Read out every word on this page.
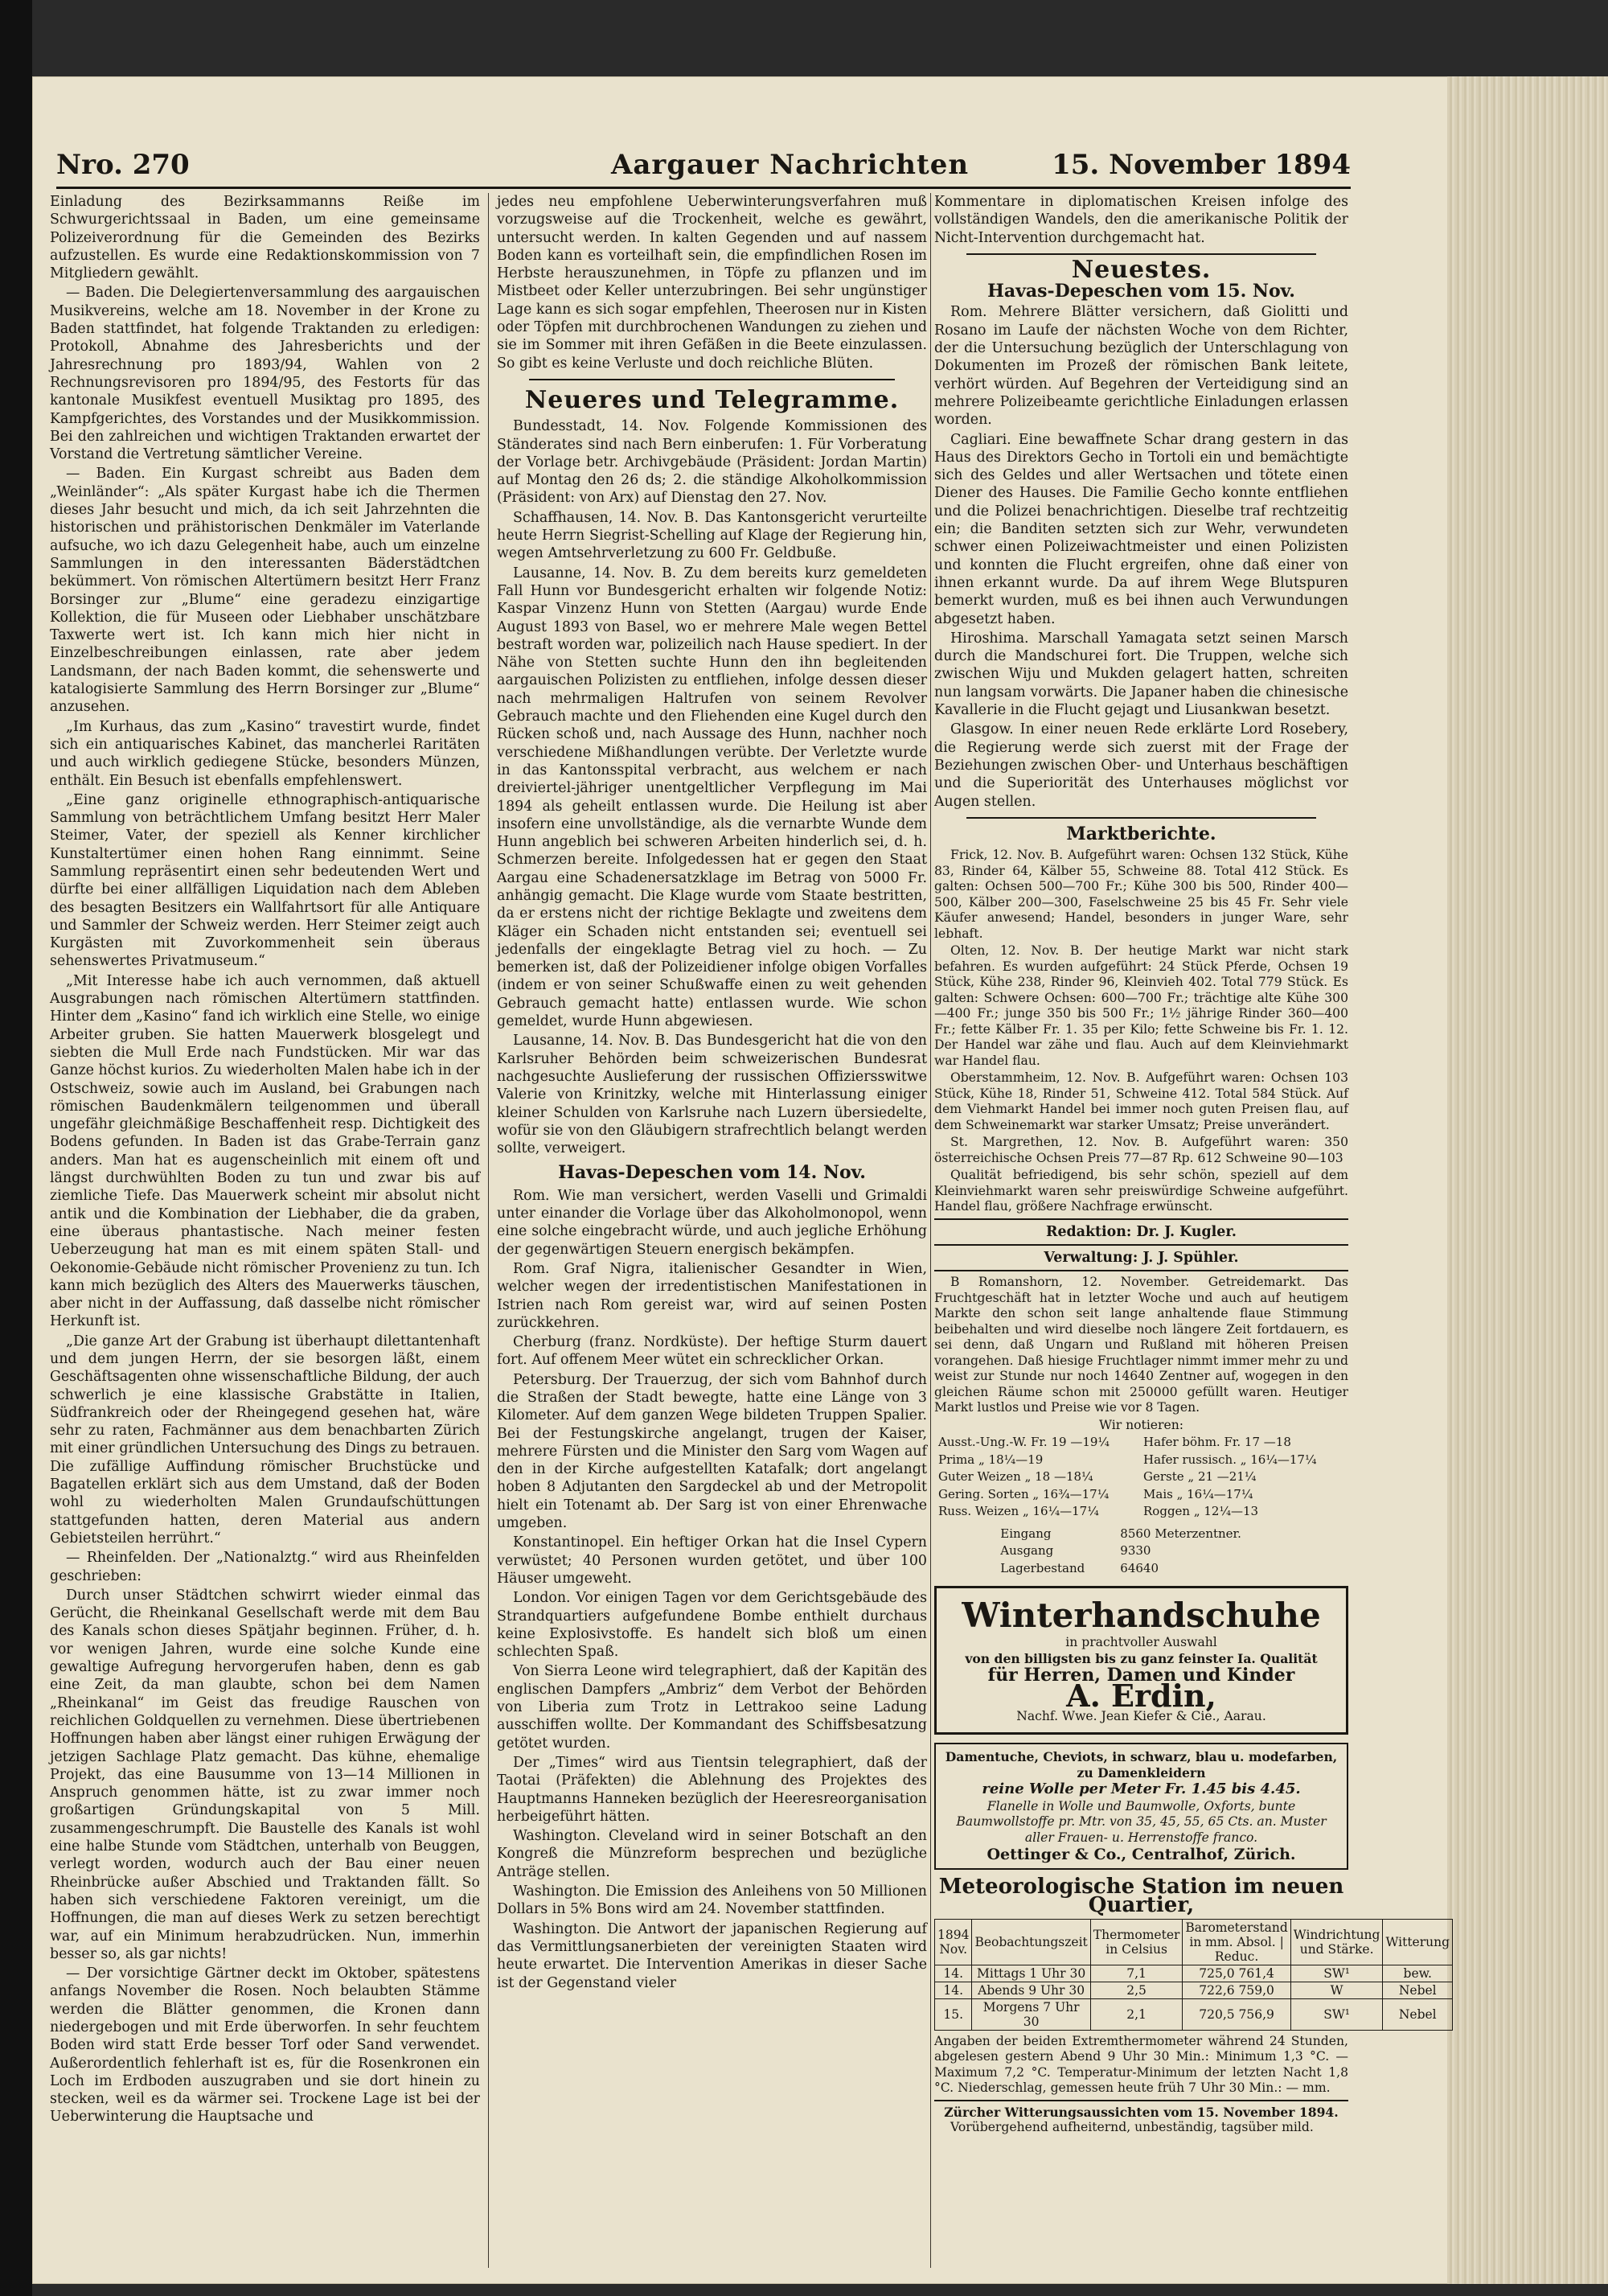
Nro. 270	Aargauer Nachrichten	15. November 1894

Einladung des Bezirksammanns Reiße im Schwurgerichtssaal in Baden, um eine gemeinsame Polizeiverordnung für die Gemeinden des Bezirks aufzustellen. Es wurde eine Redaktionskommission von 7 Mitgliedern gewählt.

— Baden. Die Delegiertenversammlung des aargauischen Musikvereins, welche am 18. November in der Krone zu Baden stattfindet, hat folgende Traktanden zu erledigen: Protokoll, Abnahme des Jahresberichts und der Jahresrechnung pro 1893/94, Wahlen von 2 Rechnungsrevisoren pro 1894/95, des Festorts für das kantonale Musikfest eventuell Musiktag pro 1895, des Kampfgerichtes, des Vorstandes und der Musikkommission. Bei den zahlreichen und wichtigen Traktanden erwartet der Vorstand die Vertretung sämtlicher Vereine.

— Baden. Ein Kurgast schreibt aus Baden dem „Weinländer“: „Als später Kurgast habe ich die Thermen dieses Jahr besucht und mich, da ich seit Jahrzehnten die historischen und prähistorischen Denkmäler im Vaterlande aufsuche, wo ich dazu Gelegenheit habe, auch um einzelne Sammlungen in den interessanten Bäderstädtchen bekümmert. Von römischen Altertümern besitzt Herr Franz Borsinger zur „Blume“ eine geradezu einzigartige Kollektion, die für Museen oder Liebhaber unschätzbare Taxwerte wert ist. Ich kann mich hier nicht in Einzelbeschreibungen einlassen, rate aber jedem Landsmann, der nach Baden kommt, die sehenswerte und katalogisierte Sammlung des Herrn Borsinger zur „Blume“ anzusehen.

„Im Kurhaus, das zum „Kasino“ travestirt wurde, findet sich ein antiquarisches Kabinet, das mancherlei Raritäten und auch wirklich gediegene Stücke, besonders Münzen, enthält. Ein Besuch ist ebenfalls empfehlenswert.

„Eine ganz originelle ethnographisch-antiquarische Sammlung von beträchtlichem Umfang besitzt Herr Maler Steimer, Vater, der speziell als Kenner kirchlicher Kunstaltertümer einen hohen Rang einnimmt. Seine Sammlung repräsentirt einen sehr bedeutenden Wert und dürfte bei einer allfälligen Liquidation nach dem Ableben des besagten Besitzers ein Wallfahrtsort für alle Antiquare und Sammler der Schweiz werden. Herr Steimer zeigt auch Kurgästen mit Zuvorkommenheit sein überaus sehenswertes Privatmuseum.“

„Mit Interesse habe ich auch vernommen, daß aktuell Ausgrabungen nach römischen Altertümern stattfinden. Hinter dem „Kasino“ fand ich wirklich eine Stelle, wo einige Arbeiter gruben. Sie hatten Mauerwerk blosgelegt und siebten die Mull Erde nach Fundstücken. Mir war das Ganze höchst kurios. Zu wiederholten Malen habe ich in der Ostschweiz, sowie auch im Ausland, bei Grabungen nach römischen Baudenkmälern teilgenommen und überall ungefähr gleichmäßige Beschaffenheit resp. Dichtigkeit des Bodens gefunden. In Baden ist das Grabe-Terrain ganz anders. Man hat es augenscheinlich mit einem oft und längst durchwühlten Boden zu tun und zwar bis auf ziemliche Tiefe. Das Mauerwerk scheint mir absolut nicht antik und die Kombination der Liebhaber, die da graben, eine überaus phantastische. Nach meiner festen Ueberzeugung hat man es mit einem späten Stall- und Oekonomie-Gebäude nicht römischer Provenienz zu tun. Ich kann mich bezüglich des Alters des Mauerwerks täuschen, aber nicht in der Auffassung, daß dasselbe nicht römischer Herkunft ist.

„Die ganze Art der Grabung ist überhaupt dilettantenhaft und dem jungen Herrn, der sie besorgen läßt, einem Geschäftsagenten ohne wissenschaftliche Bildung, der auch schwerlich je eine klassische Grabstätte in Italien, Südfrankreich oder der Rheingegend gesehen hat, wäre sehr zu raten, Fachmänner aus dem benachbarten Zürich mit einer gründlichen Untersuchung des Dings zu betrauen. Die zufällige Auffindung römischer Bruchstücke und Bagatellen erklärt sich aus dem Umstand, daß der Boden wohl zu wiederholten Malen Grundaufschüttungen stattgefunden hatten, deren Material aus andern Gebietsteilen herrührt.“

— Rheinfelden. Der „Nationalztg.“ wird aus Rheinfelden geschrieben:

Durch unser Städtchen schwirrt wieder einmal das Gerücht, die Rheinkanal Gesellschaft werde mit dem Bau des Kanals schon dieses Spätjahr beginnen. Früher, d. h. vor wenigen Jahren, wurde eine solche Kunde eine gewaltige Aufregung hervorgerufen haben, denn es gab eine Zeit, da man glaubte, schon bei dem Namen „Rheinkanal“ im Geist das freudige Rauschen von reichlichen Goldquellen zu vernehmen. Diese übertriebenen Hoffnungen haben aber längst einer ruhigen Erwägung der jetzigen Sachlage Platz gemacht. Das kühne, ehemalige Projekt, das eine Bausumme von 13—14 Millionen in Anspruch genommen hätte, ist zu zwar immer noch großartigen Gründungskapital von 5 Mill. zusammengeschrumpft. Die Baustelle des Kanals ist wohl eine halbe Stunde vom Städtchen, unterhalb von Beuggen, verlegt worden, wodurch auch der Bau einer neuen Rheinbrücke außer Abschied und Traktanden fällt. So haben sich verschiedene Faktoren vereinigt, um die Hoffnungen, die man auf dieses Werk zu setzen berechtigt war, auf ein Minimum herabzudrücken. Nun, immerhin besser so, als gar nichts!

— Der vorsichtige Gärtner deckt im Oktober, spätestens anfangs November die Rosen. Noch belaubten Stämme werden die Blätter genommen, die Kronen dann niedergebogen und mit Erde überworfen. In sehr feuchtem Boden wird statt Erde besser Torf oder Sand verwendet. Außerordentlich fehlerhaft ist es, für die Rosenkronen ein Loch im Erdboden auszugraben und sie dort hinein zu stecken, weil es da wärmer sei. Trockene Lage ist bei der Ueberwinterung die Hauptsache und

jedes neu empfohlene Ueberwinterungsverfahren muß vorzugsweise auf die Trockenheit, welche es gewährt, untersucht werden. In kalten Gegenden und auf nassem Boden kann es vorteilhaft sein, die empfindlichen Rosen im Herbste herauszunehmen, in Töpfe zu pflanzen und im Mistbeet oder Keller unterzubringen. Bei sehr ungünstiger Lage kann es sich sogar empfehlen, Theerosen nur in Kisten oder Töpfen mit durchbrochenen Wandungen zu ziehen und sie im Sommer mit ihren Gefäßen in die Beete einzulassen. So gibt es keine Verluste und doch reichliche Blüten.

Neueres und Telegramme.

Bundesstadt, 14. Nov. Folgende Kommissionen des Ständerates sind nach Bern einberufen: 1. Für Vorberatung der Vorlage betr. Archivgebäude (Präsident: Jordan Martin) auf Montag den 26 ds; 2. die ständige Alkoholkommission (Präsident: von Arx) auf Dienstag den 27. Nov.

Schaffhausen, 14. Nov. B. Das Kantonsgericht verurteilte heute Herrn Siegrist-Schelling auf Klage der Regierung hin, wegen Amtsehrverletzung zu 600 Fr. Geldbuße.

Lausanne, 14. Nov. B. Zu dem bereits kurz gemeldeten Fall Hunn vor Bundesgericht erhalten wir folgende Notiz: Kaspar Vinzenz Hunn von Stetten (Aargau) wurde Ende August 1893 von Basel, wo er mehrere Male wegen Bettel bestraft worden war, polizeilich nach Hause spediert. In der Nähe von Stetten suchte Hunn den ihn begleitenden aargauischen Polizisten zu entfliehen, infolge dessen dieser nach mehrmaligen Haltrufen von seinem Revolver Gebrauch machte und den Fliehenden eine Kugel durch den Rücken schoß und, nach Aussage des Hunn, nachher noch verschiedene Mißhandlungen verübte. Der Verletzte wurde in das Kantonsspital verbracht, aus welchem er nach dreiviertel-jähriger unentgeltlicher Verpflegung im Mai 1894 als geheilt entlassen wurde. Die Heilung ist aber insofern eine unvollständige, als die vernarbte Wunde dem Hunn angeblich bei schweren Arbeiten hinderlich sei, d. h. Schmerzen bereite. Infolgedessen hat er gegen den Staat Aargau eine Schadenersatzklage im Betrag von 5000 Fr. anhängig gemacht. Die Klage wurde vom Staate bestritten, da er erstens nicht der richtige Beklagte und zweitens dem Kläger ein Schaden nicht entstanden sei; eventuell sei jedenfalls der eingeklagte Betrag viel zu hoch. — Zu bemerken ist, daß der Polizeidiener infolge obigen Vorfalles (indem er von seiner Schußwaffe einen zu weit gehenden Gebrauch gemacht hatte) entlassen wurde. Wie schon gemeldet, wurde Hunn abgewiesen.

Lausanne, 14. Nov. B. Das Bundesgericht hat die von den Karlsruher Behörden beim schweizerischen Bundesrat nachgesuchte Auslieferung der russischen Offiziersswitwe Valerie von Krinitzky, welche mit Hinterlassung einiger kleiner Schulden von Karlsruhe nach Luzern übersiedelte, wofür sie von den Gläubigern strafrechtlich belangt werden sollte, verweigert.

Havas-Depeschen vom 14. Nov.

Rom. Wie man versichert, werden Vaselli und Grimaldi unter einander die Vorlage über das Alkoholmonopol, wenn eine solche eingebracht würde, und auch jegliche Erhöhung der gegenwärtigen Steuern energisch bekämpfen.

Rom. Graf Nigra, italienischer Gesandter in Wien, welcher wegen der irredentistischen Manifestationen in Istrien nach Rom gereist war, wird auf seinen Posten zurückkehren.

Cherburg (franz. Nordküste). Der heftige Sturm dauert fort. Auf offenem Meer wütet ein schrecklicher Orkan.

Petersburg. Der Trauerzug, der sich vom Bahnhof durch die Straßen der Stadt bewegte, hatte eine Länge von 3 Kilometer. Auf dem ganzen Wege bildeten Truppen Spalier. Bei der Festungskirche angelangt, trugen der Kaiser, mehrere Fürsten und die Minister den Sarg vom Wagen auf den in der Kirche aufgestellten Katafalk; dort angelangt hoben 8 Adjutanten den Sargdeckel ab und der Metropolit hielt ein Totenamt ab. Der Sarg ist von einer Ehrenwache umgeben.

Konstantinopel. Ein heftiger Orkan hat die Insel Cypern verwüstet; 40 Personen wurden getötet, und über 100 Häuser umgeweht.

London. Vor einigen Tagen vor dem Gerichtsgebäude des Strandquartiers aufgefundene Bombe enthielt durchaus keine Explosivstoffe. Es handelt sich bloß um einen schlechten Spaß.

Von Sierra Leone wird telegraphiert, daß der Kapitän des englischen Dampfers „Ambriz“ dem Verbot der Behörden von Liberia zum Trotz in Lettrakoo seine Ladung ausschiffen wollte. Der Kommandant des Schiffsbesatzung getötet wurden.

Der „Times“ wird aus Tientsin telegraphiert, daß der Taotai (Präfekten) die Ablehnung des Projektes des Hauptmanns Hanneken bezüglich der Heeresreorganisation herbeigeführt hätten.

Washington. Cleveland wird in seiner Botschaft an den Kongreß die Münzreform besprechen und bezügliche Anträge stellen.

Washington. Die Emission des Anleihens von 50 Millionen Dollars in 5% Bons wird am 24. November stattfinden.

Washington. Die Antwort der japanischen Regierung auf das Vermittlungsanerbieten der vereinigten Staaten wird heute erwartet. Die Intervention Amerikas in dieser Sache ist der Gegenstand vieler

Kommentare in diplomatischen Kreisen infolge des vollständigen Wandels, den die amerikanische Politik der Nicht-Intervention durchgemacht hat.

Neuestes.
Havas-Depeschen vom 15. Nov.

Rom. Mehrere Blätter versichern, daß Giolitti und Rosano im Laufe der nächsten Woche von dem Richter, der die Untersuchung bezüglich der Unterschlagung von Dokumenten im Prozeß der römischen Bank leitete, verhört würden. Auf Begehren der Verteidigung sind an mehrere Polizeibeamte gerichtliche Einladungen erlassen worden.

Cagliari. Eine bewaffnete Schar drang gestern in das Haus des Direktors Gecho in Tortoli ein und bemächtigte sich des Geldes und aller Wertsachen und tötete einen Diener des Hauses. Die Familie Gecho konnte entfliehen und die Polizei benachrichtigen. Dieselbe traf rechtzeitig ein; die Banditen setzten sich zur Wehr, verwundeten schwer einen Polizeiwachtmeister und einen Polizisten und konnten die Flucht ergreifen, ohne daß einer von ihnen erkannt wurde. Da auf ihrem Wege Blutspuren bemerkt wurden, muß es bei ihnen auch Verwundungen abgesetzt haben.

Hiroshima. Marschall Yamagata setzt seinen Marsch durch die Mandschurei fort. Die Truppen, welche sich zwischen Wiju und Mukden gelagert hatten, schreiten nun langsam vorwärts. Die Japaner haben die chinesische Kavallerie in die Flucht gejagt und Liusankwan besetzt.

Glasgow. In einer neuen Rede erklärte Lord Rosebery, die Regierung werde sich zuerst mit der Frage der Beziehungen zwischen Ober- und Unterhaus beschäftigen und die Superiorität des Unterhauses möglichst vor Augen stellen.

Marktberichte.

Frick, 12. Nov. B. Aufgeführt waren: Ochsen 132 Stück, Kühe 83, Rinder 64, Kälber 55, Schweine 88. Total 412 Stück. Es galten: Ochsen 500—700 Fr.; Kühe 300 bis 500, Rinder 400—500, Kälber 200—300, Faselschweine 25 bis 45 Fr. Sehr viele Käufer anwesend; Handel, besonders in junger Ware, sehr lebhaft.

Olten, 12. Nov. B. Der heutige Markt war nicht stark befahren. Es wurden aufgeführt: 24 Stück Pferde, Ochsen 19 Stück, Kühe 238, Rinder 96, Kleinvieh 402. Total 779 Stück. Es galten: Schwere Ochsen: 600—700 Fr.; trächtige alte Kühe 300—400 Fr.; junge 350 bis 500 Fr.; 1½ jährige Rinder 360—400 Fr.; fette Kälber Fr. 1. 35 per Kilo; fette Schweine bis Fr. 1. 12. Der Handel war zähe und flau. Auch auf dem Kleinviehmarkt war Handel flau.

Oberstammheim, 12. Nov. B. Aufgeführt waren: Ochsen 103 Stück, Kühe 18, Rinder 51, Schweine 412. Total 584 Stück. Auf dem Viehmarkt Handel bei immer noch guten Preisen flau, auf dem Schweinemarkt war starker Umsatz; Preise unverändert.

St. Margrethen, 12. Nov. B. Aufgeführt waren: 350 österreichische Ochsen Preis 77—87 Rp. 612 Schweine 90—103

Qualität befriedigend, bis sehr schön, speziell auf dem Kleinviehmarkt waren sehr preiswürdige Schweine aufgeführt. Handel flau, größere Nachfrage erwünscht.

Redaktion: Dr. J. Kugler.
Verwaltung: J. J. Spühler.

B Romanshorn, 12. November. Getreidemarkt. Das Fruchtgeschäft hat in letzter Woche und auch auf heutigem Markte den schon seit lange anhaltende flaue Stimmung beibehalten und wird dieselbe noch längere Zeit fortdauern, es sei denn, daß Ungarn und Rußland mit höheren Preisen vorangehen. Daß hiesige Fruchtlager nimmt immer mehr zu und weist zur Stunde nur noch 14640 Zentner auf, wogegen in den gleichen Räume schon mit 250000 gefüllt waren. Heutiger Markt lustlos und Preise wie vor 8 Tagen.

Wir notieren:
Ausst.-Ung.-W. Fr. 19 —19¼	Hafer böhm. Fr. 17 —18
Prima „ 18¼—19	Hafer russisch. „ 16¼—17¼
Guter Weizen „ 18 —18¼	Gerste „ 21 —21¼
Gering. Sorten „ 16¾—17¼	Mais „ 16¼—17¼
Russ. Weizen „ 16¼—17¼	Roggen „ 12¼—13
Eingang	8560 Meterzentner.
Ausgang	9330
Lagerbestand	64640
Winterhandschuhe
in prachtvoller Auswahl
von den billigsten bis zu ganz feinster Ia. Qualität
für Herren, Damen und Kinder
A. Erdin,
Nachf. Wwe. Jean Kiefer & Cie., Aarau.
Damentuche, Cheviots, in schwarz, blau u. modefarben, zu Damenkleidern
reine Wolle per Meter Fr. 1.45 bis 4.45.
Flanelle in Wolle und Baumwolle, Oxforts, bunte Baumwollstoffe pr. Mtr. von 35, 45, 55, 65 Cts. an. Muster aller Frauen- u. Herrenstoffe franco.
Oettinger & Co., Centralhof, Zürich.
Meteorologische Station im neuen Quartier,
1894 Nov.	Beobachtungszeit	Thermometer in Celsius	Barometerstand in mm. Absol. | Reduc.	Windrichtung und Stärke.	Witterung
14.	Mittags 1 Uhr 30	7,1	725,0 761,4	SW¹	bew.
14.	Abends 9 Uhr 30	2,5	722,6 759,0	W	Nebel
15.	Morgens 7 Uhr 30	2,1	720,5 756,9	SW¹	Nebel
Angaben der beiden Extremthermometer während 24 Stunden, abgelesen gestern Abend 9 Uhr 30 Min.: Minimum 1,3 °C. — Maximum 7,2 °C. Temperatur-Minimum der letzten Nacht 1,8 °C. Niederschlag, gemessen heute früh 7 Uhr 30 Min.: — mm.
Zürcher Witterungsaussichten vom 15. November 1894.
Vorübergehend aufheiternd, unbeständig, tagsüber mild.
